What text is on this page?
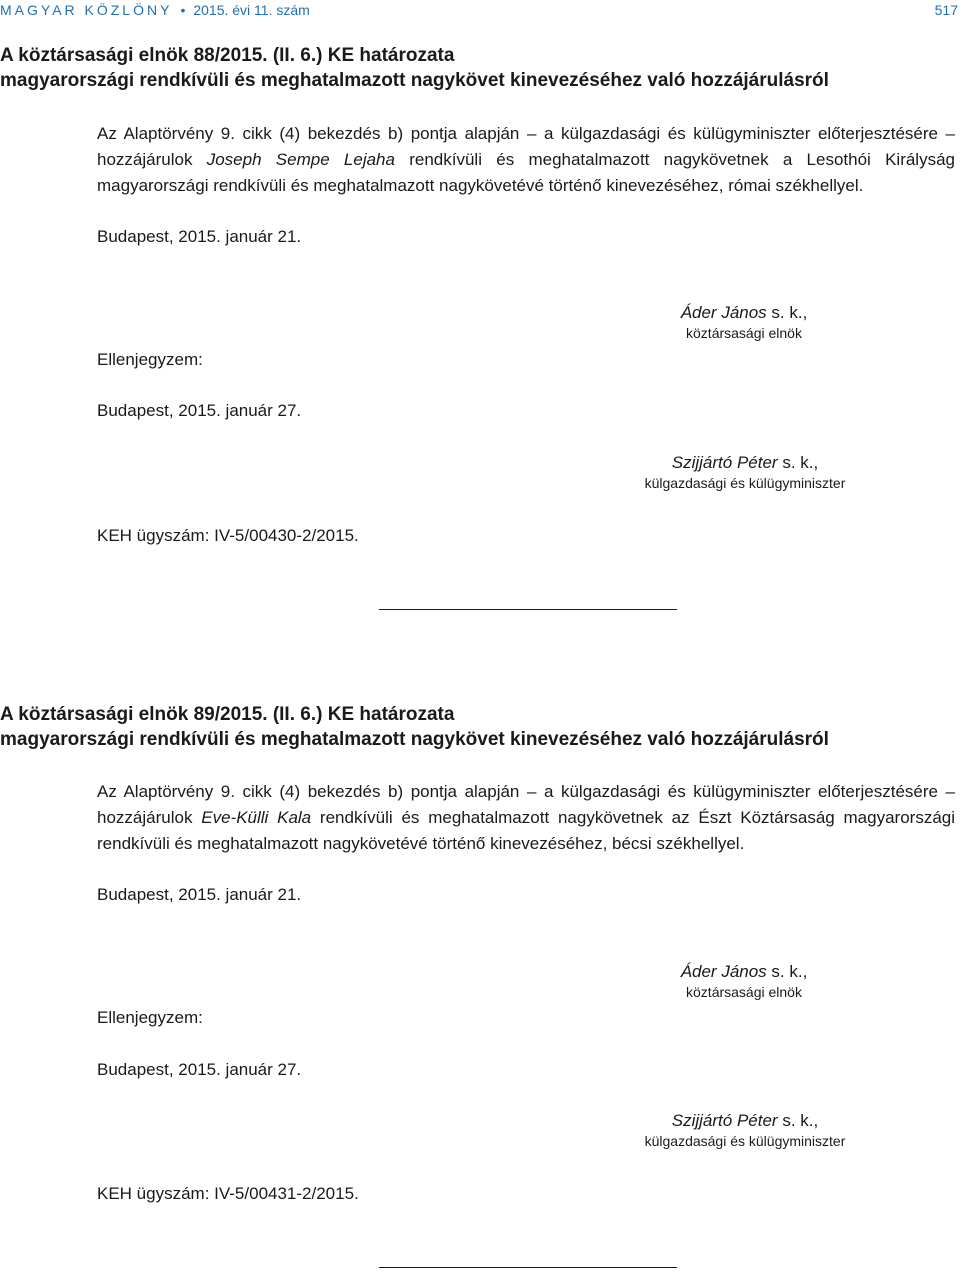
MAGYAR KÖZLÖNY • 2015. évi 11. szám	517
A köztársasági elnök 88/2015. (II. 6.) KE határozata
magyarországi rendkívüli és meghatalmazott nagykövet kinevezéséhez való hozzájárulásról
Az Alaptörvény 9. cikk (4) bekezdés b) pontja alapján – a külgazdasági és külügyminiszter előterjesztésére – hozzájárulok Joseph Sempe Lejaha rendkívüli és meghatalmazott nagykövetnek a Lesothói Királyság magyarországi rendkívüli és meghatalmazott nagykövetévé történő kinevezéséhez, római székhellyel.
Budapest, 2015. január 21.
Áder János s. k.,
köztársasági elnök
Ellenjegyzem:
Budapest, 2015. január 27.
Szijjártó Péter s. k.,
külgazdasági és külügyminiszter
KEH ügyszám: IV-5/00430-2/2015.
A köztársasági elnök 89/2015. (II. 6.) KE határozata
magyarországi rendkívüli és meghatalmazott nagykövet kinevezéséhez való hozzájárulásról
Az Alaptörvény 9. cikk (4) bekezdés b) pontja alapján – a külgazdasági és külügyminiszter előterjesztésére – hozzájárulok Eve-Külli Kala rendkívüli és meghatalmazott nagykövetnek az Észt Köztársaság magyarországi rendkívüli és meghatalmazott nagykövetévé történő kinevezéséhez, bécsi székhellyel.
Budapest, 2015. január 21.
Áder János s. k.,
köztársasági elnök
Ellenjegyzem:
Budapest, 2015. január 27.
Szijjártó Péter s. k.,
külgazdasági és külügyminiszter
KEH ügyszám: IV-5/00431-2/2015.
